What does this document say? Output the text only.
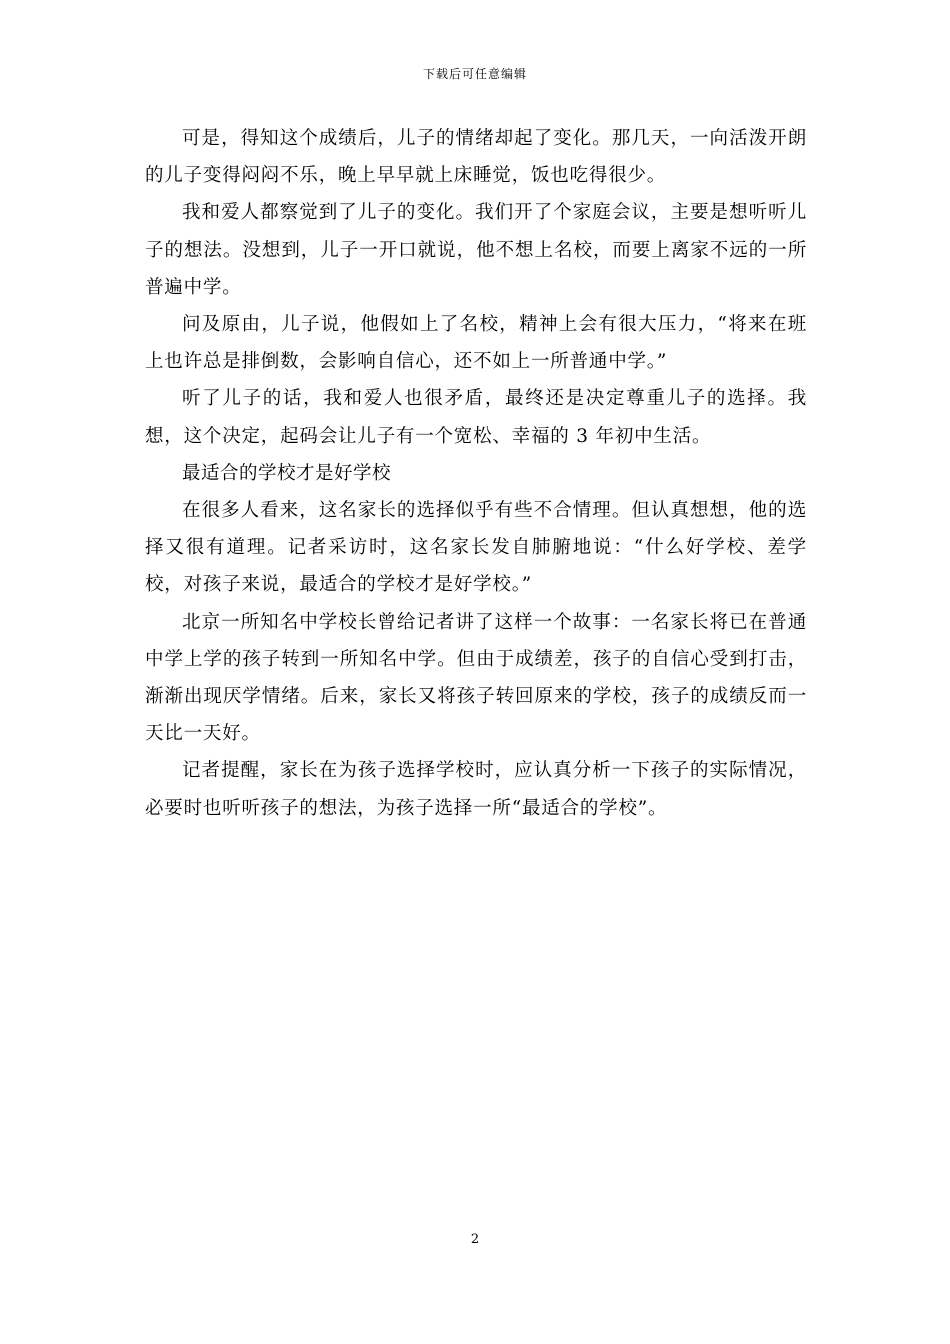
下载后可任意编辑

可是，得知这个成绩后，儿子的情绪却起了变化。那几天，一向活泼开朗的儿子变得闷闷不乐，晚上早早就上床睡觉，饭也吃得很少。

我和爱人都察觉到了儿子的变化。我们开了个家庭会议，主要是想听听儿子的想法。没想到，儿子一开口就说，他不想上名校，而要上离家不远的一所普遍中学。

问及原由，儿子说，他假如上了名校，精神上会有很大压力，“将来在班上也许总是排倒数，会影响自信心，还不如上一所普通中学。”

听了儿子的话，我和爱人也很矛盾，最终还是决定尊重儿子的选择。我想，这个决定，起码会让儿子有一个宽松、幸福的 3 年初中生活。

最适合的学校才是好学校

在很多人看来，这名家长的选择似乎有些不合情理。但认真想想，他的选择又很有道理。记者采访时，这名家长发自肺腑地说：“什么好学校、差学校，对孩子来说，最适合的学校才是好学校。”

北京一所知名中学校长曾给记者讲了这样一个故事：一名家长将已在普通中学上学的孩子转到一所知名中学。但由于成绩差，孩子的自信心受到打击，渐渐出现厌学情绪。后来，家长又将孩子转回原来的学校，孩子的成绩反而一天比一天好。

记者提醒，家长在为孩子选择学校时，应认真分析一下孩子的实际情况，必要时也听听孩子的想法，为孩子选择一所“最适合的学校”。

2
